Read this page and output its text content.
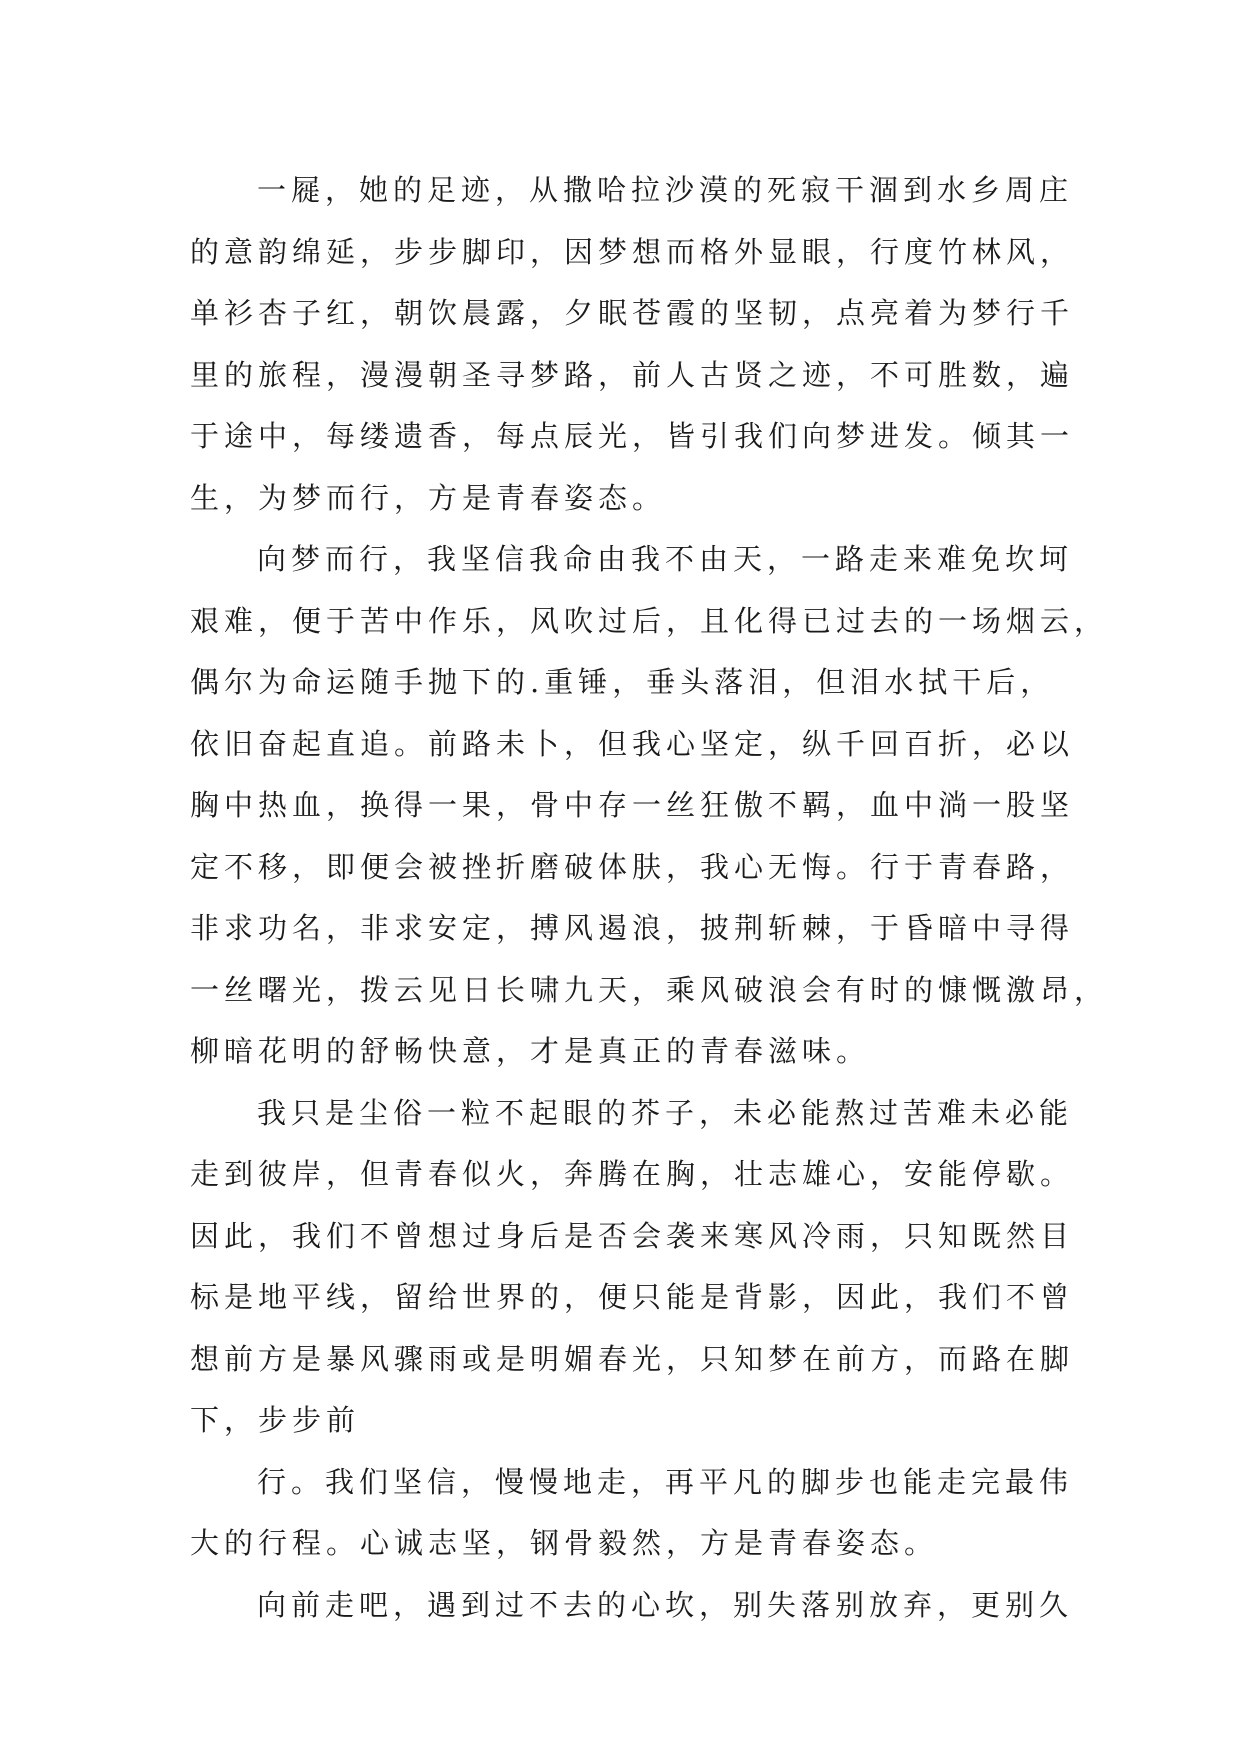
一屣，她的足迹，从撒哈拉沙漠的死寂干涸到水乡周庄
的意韵绵延，步步脚印，因梦想而格外显眼，行度竹林风，
单衫杏子红，朝饮晨露，夕眠苍霞的坚韧，点亮着为梦行千
里的旅程，漫漫朝圣寻梦路，前人古贤之迹，不可胜数，遍
于途中，每缕遗香，每点辰光，皆引我们向梦进发。倾其一
生，为梦而行，方是青春姿态。
向梦而行，我坚信我命由我不由天，一路走来难免坎坷
艰难，便于苦中作乐，风吹过后，且化得已过去的一场烟云，
偶尔为命运随手抛下的.重锤，垂头落泪，但泪水拭干后，
依旧奋起直追。前路未卜，但我心坚定，纵千回百折，必以
胸中热血，换得一果，骨中存一丝狂傲不羁，血中淌一股坚
定不移，即便会被挫折磨破体肤，我心无悔。行于青春路，
非求功名，非求安定，搏风遏浪，披荆斩棘，于昏暗中寻得
一丝曙光，拨云见日长啸九天，乘风破浪会有时的慷慨激昂，
柳暗花明的舒畅快意，才是真正的青春滋味。
我只是尘俗一粒不起眼的芥子，未必能熬过苦难未必能
走到彼岸，但青春似火，奔腾在胸，壮志雄心，安能停歇。
因此，我们不曾想过身后是否会袭来寒风冷雨，只知既然目
标是地平线，留给世界的，便只能是背影，因此，我们不曾
想前方是暴风骤雨或是明媚春光，只知梦在前方，而路在脚
下，步步前
行。我们坚信，慢慢地走，再平凡的脚步也能走完最伟
大的行程。心诚志坚，钢骨毅然，方是青春姿态。
向前走吧，遇到过不去的心坎，别失落别放弃，更别久
